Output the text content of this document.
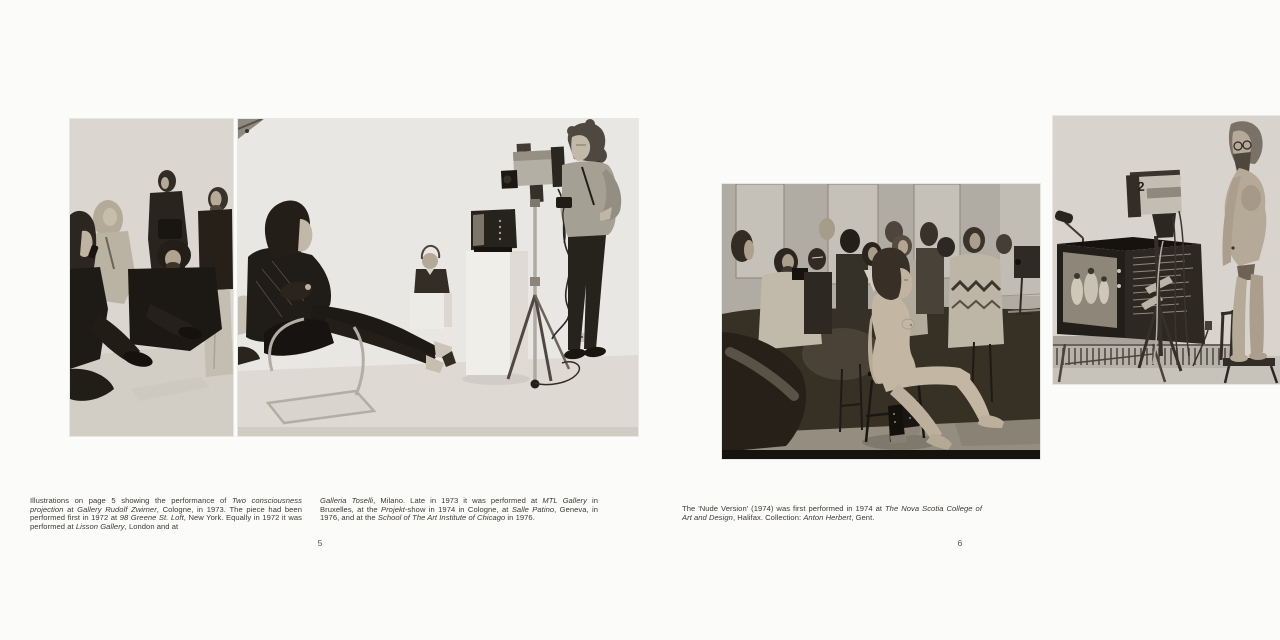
Illustrations on page 5 showing the performance of Two consciousness projection at Gallery Rudolf Zwirner, Cologne, in 1973. The piece had been performed first in 1972 at 98 Greene St. Loft, New York. Equally in 1972 it was performed at Lisson Gallery, London and at
Galleria Toselli, Milano. Late in 1973 it was performed at MTL Gallery in Bruxelles, at the Projekt-show in 1974 in Cologne, at Salle Patino, Geneva, in 1976, and at the School of The Art Institute of Chicago in 1976.
5
2
The 'Nude Version' (1974) was first performed in 1974 at The Nova Scotia College of Art and Design, Halifax. Collection: Anton Herbert, Gent.
6
